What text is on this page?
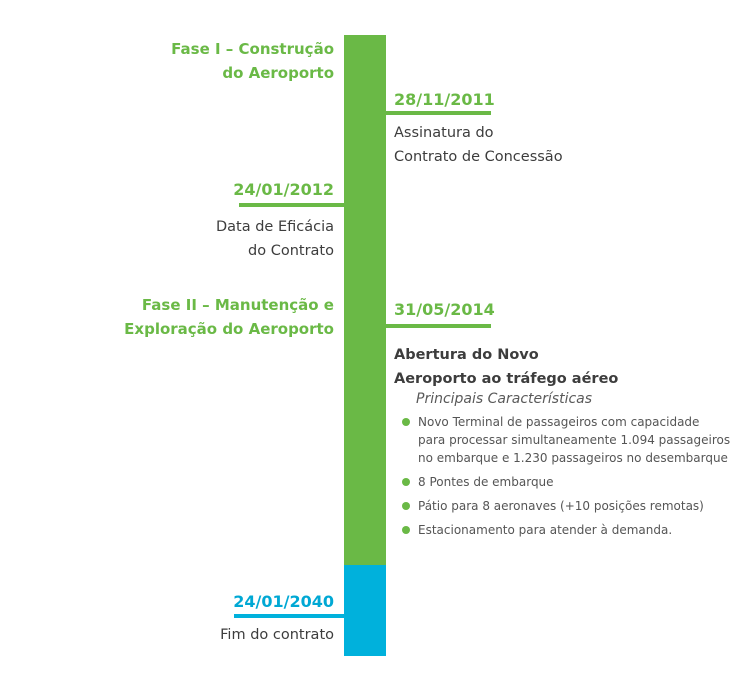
Fase I – Construção
do Aeroporto
28/11/2011
Assinatura do
Contrato de Concessão
24/01/2012
Data de Eficácia
do Contrato
Fase II – Manutenção e
Exploração do Aeroporto
31/05/2014
Abertura do Novo
Aeroporto ao tráfego aéreo
Principais Características
Novo Terminal de passageiros com capacidade
para processar simultaneamente 1.094 passageiros
no embarque e 1.230 passageiros no desembarque
8 Pontes de embarque
Pátio para 8 aeronaves (+10 posições remotas)
Estacionamento para atender à demanda.
24/01/2040
Fim do contrato
